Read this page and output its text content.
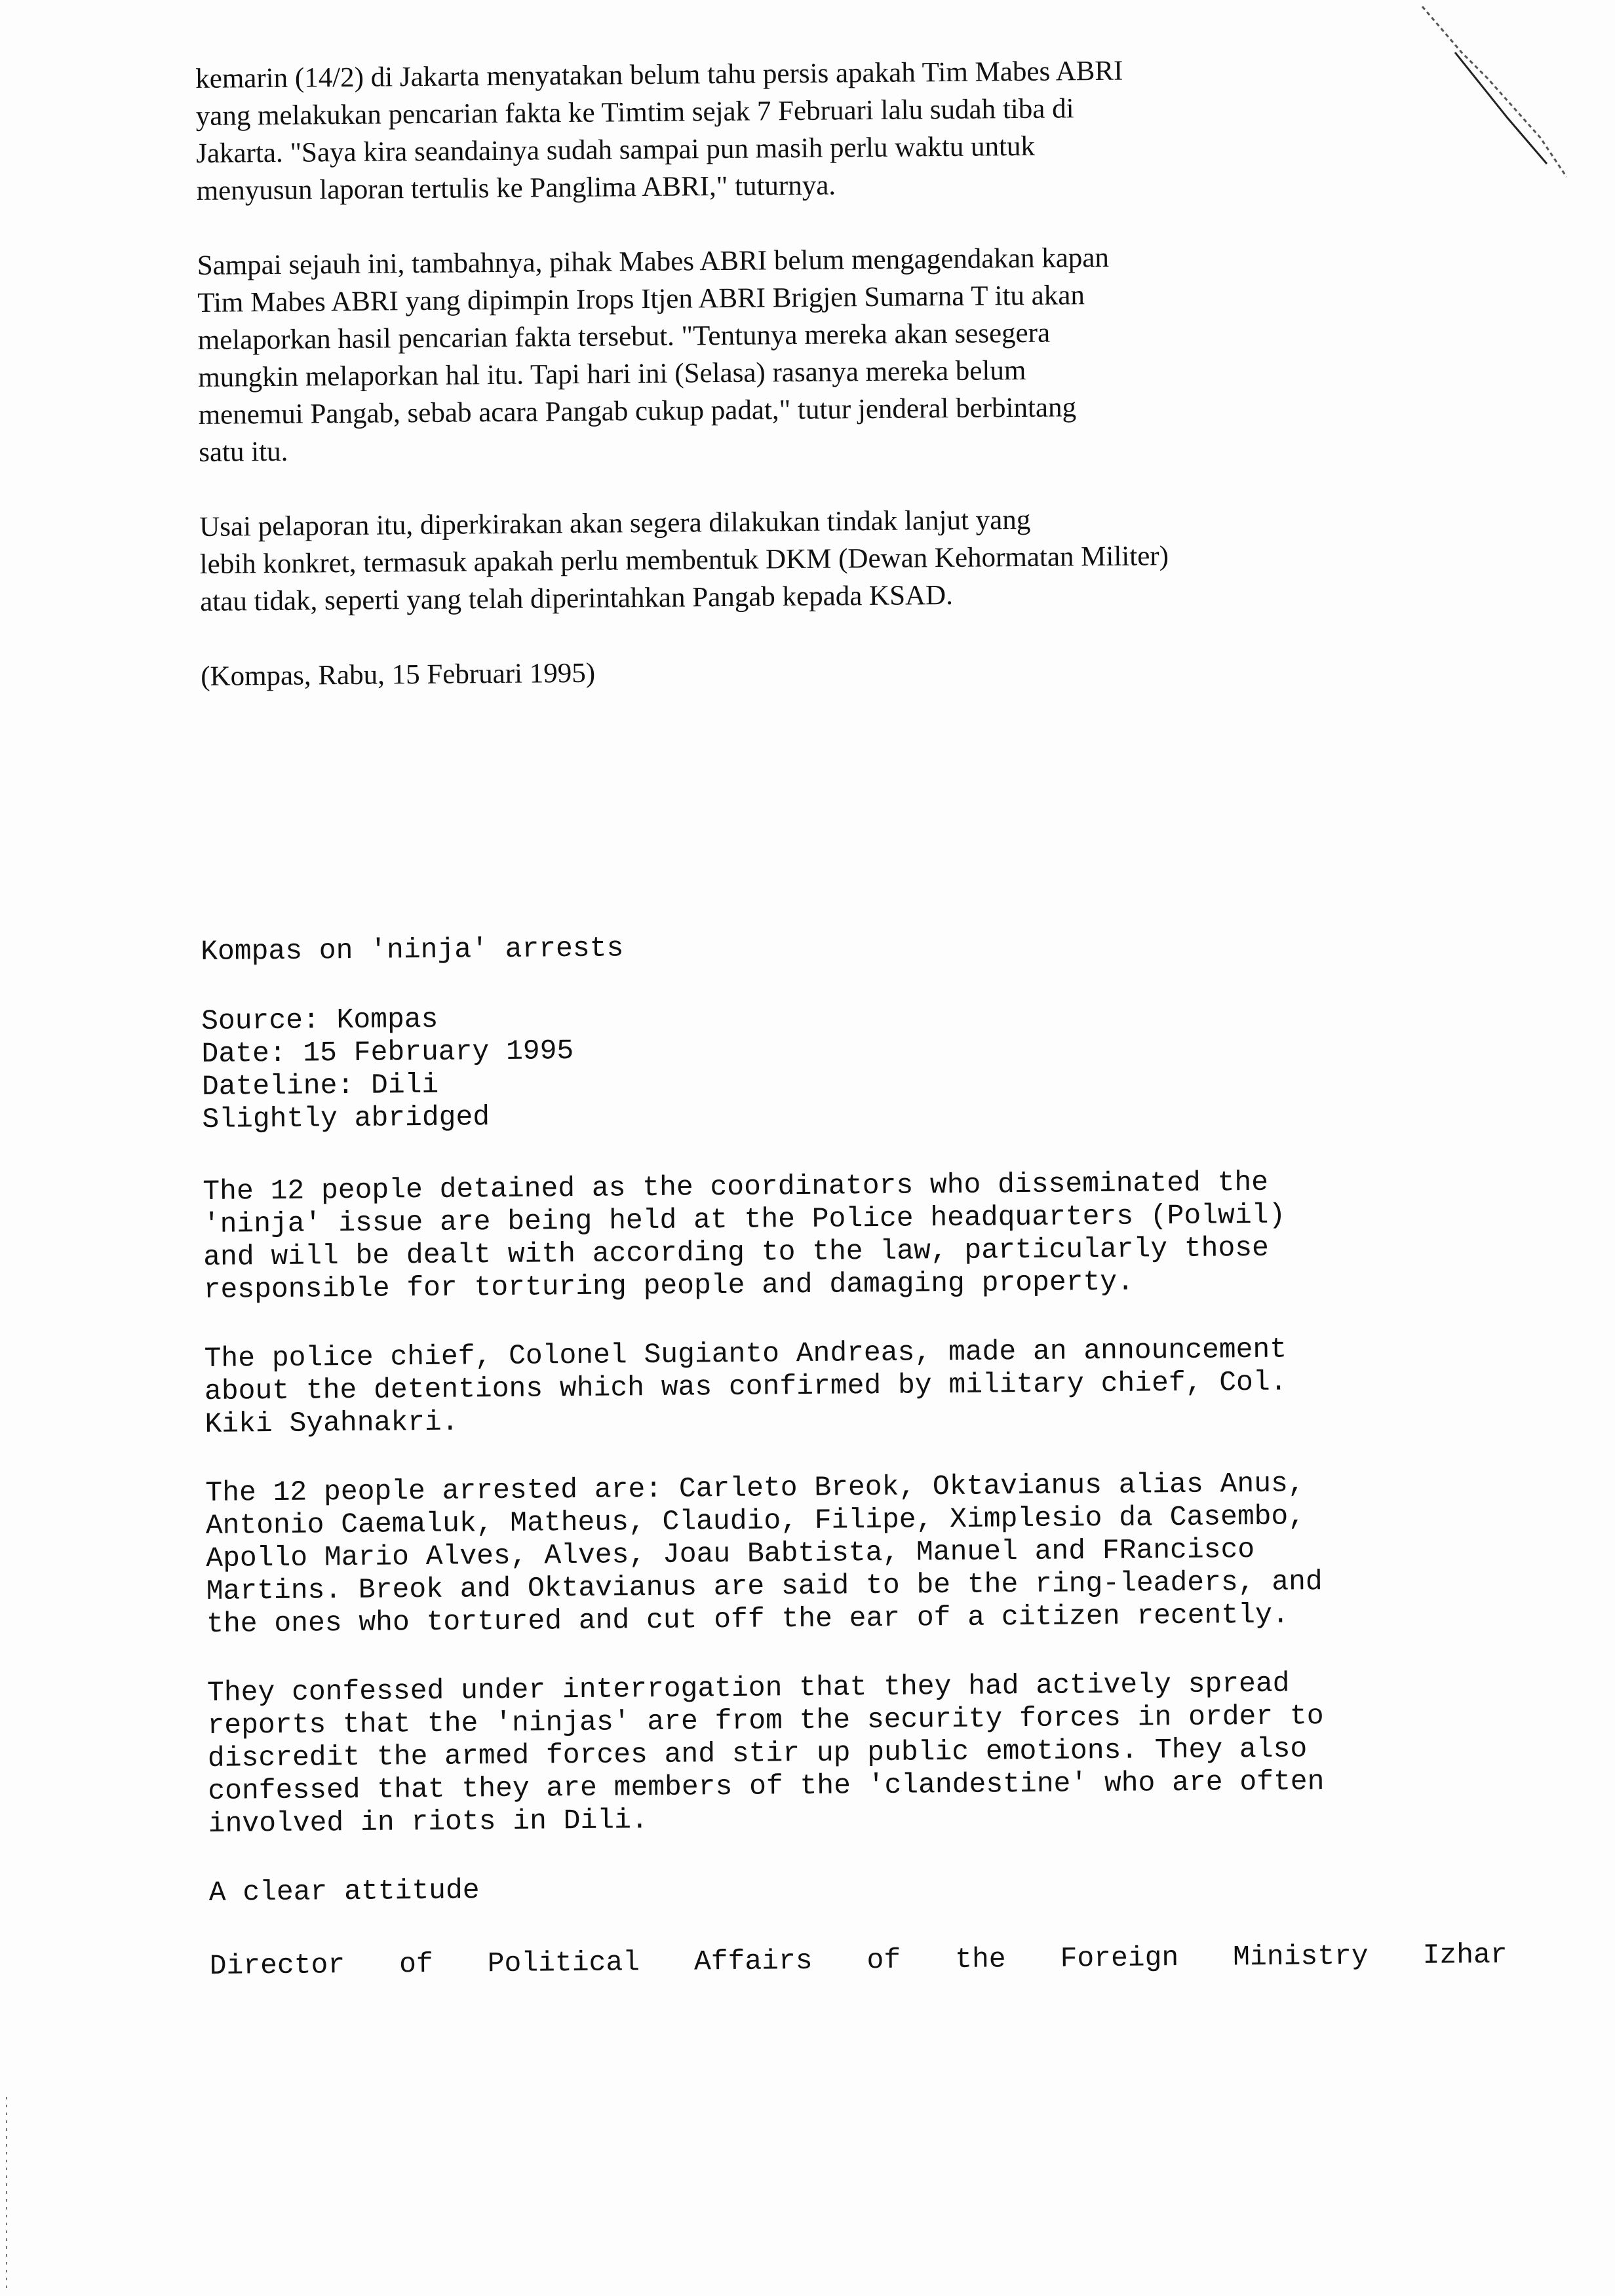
kemarin (14/2) di Jakarta menyatakan belum tahu persis apakah Tim Mabes ABRI
yang melakukan pencarian fakta ke Timtim sejak 7 Februari lalu sudah tiba di
Jakarta. "Saya kira seandainya sudah sampai pun masih perlu waktu untuk
menyusun laporan tertulis ke Panglima ABRI," tuturnya.

Sampai sejauh ini, tambahnya, pihak Mabes ABRI belum mengagendakan kapan
Tim Mabes ABRI yang dipimpin Irops Itjen ABRI Brigjen Sumarna T itu akan
melaporkan hasil pencarian fakta tersebut. "Tentunya mereka akan sesegera
mungkin melaporkan hal itu. Tapi hari ini (Selasa) rasanya mereka belum
menemui Pangab, sebab acara Pangab cukup padat," tutur jenderal berbintang
satu itu.

Usai pelaporan itu, diperkirakan akan segera dilakukan tindak lanjut yang
lebih konkret, termasuk apakah perlu membentuk DKM (Dewan Kehormatan Militer)
atau tidak, seperti yang telah diperintahkan Pangab kepada KSAD.

(Kompas, Rabu, 15 Februari 1995)

Kompas on 'ninja' arrests
Source: Kompas
Date: 15 February 1995
Dateline: Dili
Slightly abridged

The 12 people detained as the coordinators who disseminated the
'ninja' issue are being held at the Police headquarters (Polwil)
and will be dealt with according to the law, particularly those
responsible for torturing people and damaging property.

The police chief, Colonel Sugianto Andreas, made an announcement
about the detentions which was confirmed by military chief, Col.
Kiki Syahnakri.

The 12 people arrested are: Carleto Breok, Oktavianus alias Anus,
Antonio Caemaluk, Matheus, Claudio, Filipe, Ximplesio da Casembo,
Apollo Mario Alves, Alves, Joau Babtista, Manuel and FRancisco
Martins. Breok and Oktavianus are said to be the ring-leaders, and
the ones who tortured and cut off the ear of a citizen recently.

They confessed under interrogation that they had actively spread
reports that the 'ninjas' are from the security forces in order to
discredit the armed forces and stir up public emotions. They also
confessed that they are members of the 'clandestine' who are often
involved in riots in Dili.

A clear attitude
Director of Political Affairs of the Foreign Ministry Izhar
